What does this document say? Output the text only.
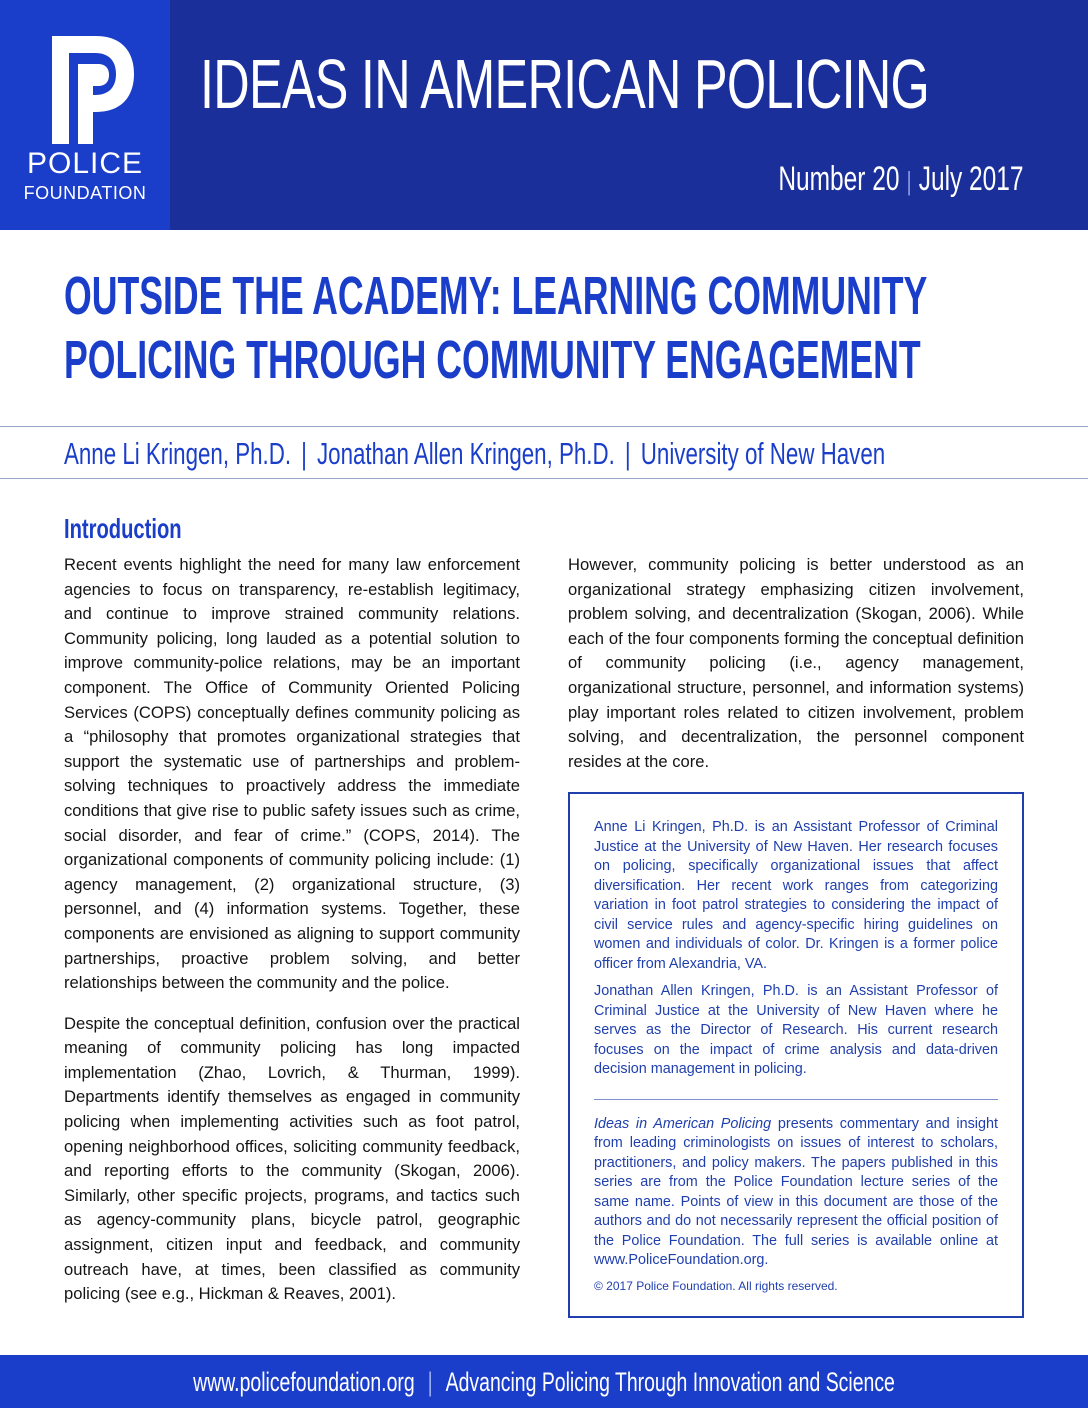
POLICE
FOUNDATION
IDEAS IN AMERICAN POLICING
Number 20 | July 2017
OUTSIDE THE ACADEMY: LEARNING COMMUNITY
POLICING THROUGH COMMUNITY ENGAGEMENT
Anne Li Kringen, Ph.D. | Jonathan Allen Kringen, Ph.D. | University of New Haven
Introduction

Recent events highlight the need for many law enforcement agencies to focus on transparency, re-establish legitimacy, and continue to improve strained community relations. Community policing, long lauded as a potential solution to improve community-police relations, may be an important component. The Office of Community Oriented Policing Services (COPS) conceptually defines community policing as a “philosophy that promotes organizational strategies that support the systematic use of partnerships and problem-solving techniques to proactively address the immediate conditions that give rise to public safety issues such as crime, social disorder, and fear of crime.” (COPS, 2014). The organizational components of community policing include: (1) agency management, (2) organizational structure, (3) personnel, and (4) information systems. Together, these components are envisioned as aligning to support community partnerships, proactive problem solving, and better relationships between the community and the police.

Despite the conceptual definition, confusion over the practical meaning of community policing has long impacted implementation (Zhao, Lovrich, & Thurman, 1999). Departments identify themselves as engaged in community policing when implementing activities such as foot patrol, opening neighborhood offices, soliciting community feedback, and reporting efforts to the community (Skogan, 2006). Similarly, other specific projects, programs, and tactics such as agency-community plans, bicycle patrol, geographic assignment, citizen input and feedback, and community outreach have, at times, been classified as community policing (see e.g., Hickman & Reaves, 2001).

However, community policing is better understood as an organizational strategy emphasizing citizen involvement, problem solving, and decentralization (Skogan, 2006). While each of the four components forming the conceptual definition of community policing (i.e., agency management, organizational structure, personnel, and information systems) play important roles related to citizen involvement, problem solving, and decentralization, the personnel component resides at the core.

Anne Li Kringen, Ph.D. is an Assistant Professor of Criminal Justice at the University of New Haven. Her research focuses on policing, specifically organizational issues that affect diversification. Her recent work ranges from categorizing variation in foot patrol strategies to considering the impact of civil service rules and agency-specific hiring guidelines on women and individuals of color. Dr. Kringen is a former police officer from Alexandria, VA.

Jonathan Allen Kringen, Ph.D. is an Assistant Professor of Criminal Justice at the University of New Haven where he serves as the Director of Research. His current research focuses on the impact of crime analysis and data-driven decision management in policing.

Ideas in American Policing presents commentary and insight from leading criminologists on issues of interest to scholars, practitioners, and policy makers. The papers published in this series are from the Police Foundation lecture series of the same name. Points of view in this document are those of the authors and do not necessarily represent the official position of the Police Foundation. The full series is available online at www.PoliceFoundation.org.

© 2017 Police Foundation. All rights reserved.

www.policefoundation.org | Advancing Policing Through Innovation and Science
